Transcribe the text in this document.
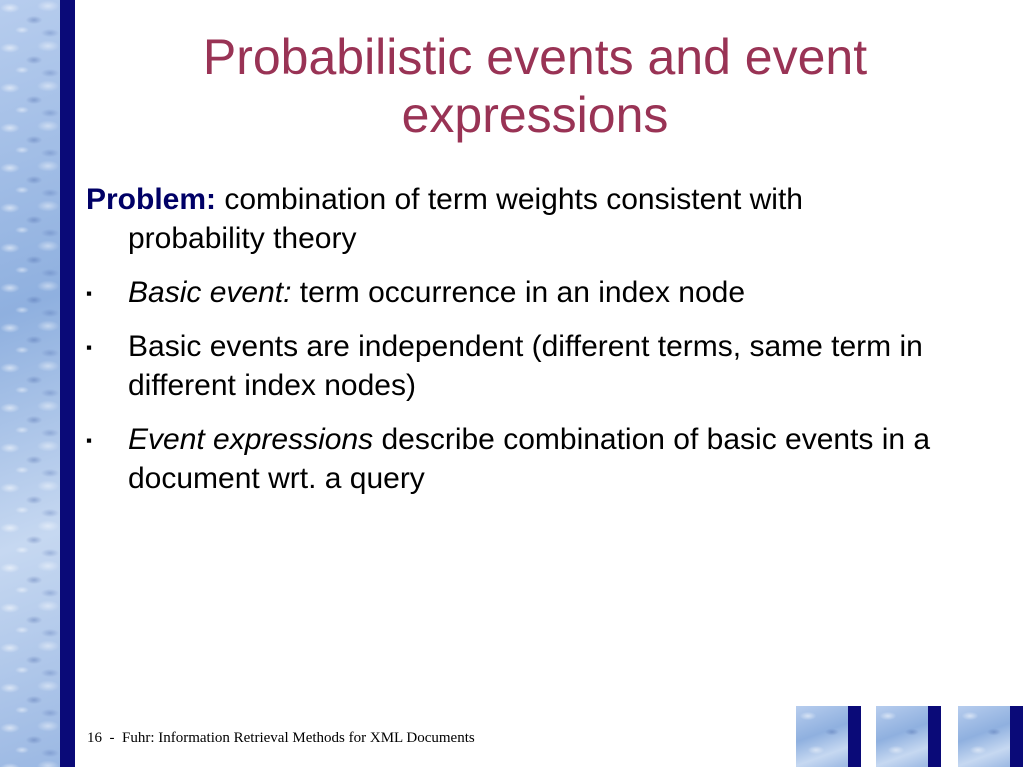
Probabilistic events and event expressions

Problem: combination of term weights consistent with probability theory

▪ Basic event: term occurrence in an index node

▪ Basic events are independent (different terms, same term in different index nodes)

▪ Event expressions describe combination of basic events in a document wrt. a query

16  -  Fuhr: Information Retrieval Methods for XML Documents
